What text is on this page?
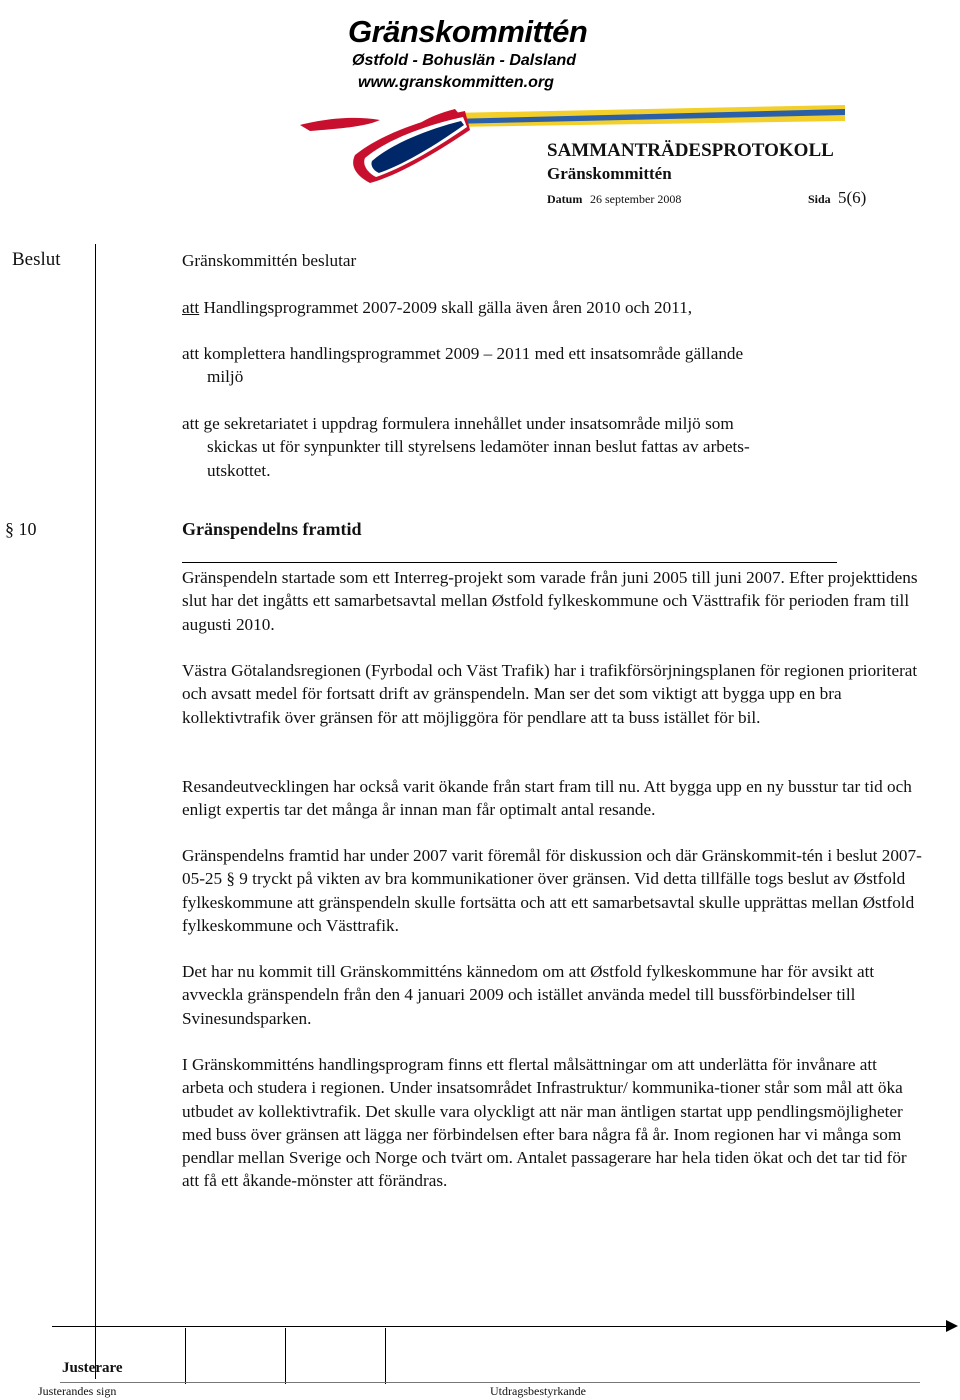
Gränskommittén
Østfold - Bohuslän - Dalsland
www.granskommitten.org
SAMMANTRÄDESPROTOKOLL
Gränskommittén
Datum 26 september 2008	Sida 5(6)
Beslut	Gränskommittén beslutar
att Handlingsprogrammet 2007-2009 skall gälla även åren 2010 och 2011,
att komplettera handlingsprogrammet 2009 – 2011 med ett insatsområde gällande
miljö
att ge sekretariatet i uppdrag formulera innehållet under insatsområde miljö som
skickas ut för synpunkter till styrelsens ledamöter innan beslut fattas av arbets-
utskottet.
§ 10	Gränspendelns framtid
Gränspendeln startade som ett Interreg-projekt som varade från juni 2005 till juni 2007. Efter projekttidens slut har det ingåtts ett samarbetsavtal mellan Østfold fylkeskommune och Västtrafik för perioden fram till augusti 2010.
Västra Götalandsregionen (Fyrbodal och Väst Trafik) har i trafikförsörjningsplanen för regionen prioriterat och avsatt medel för fortsatt drift av gränspendeln. Man ser det som viktigt att bygga upp en bra kollektivtrafik över gränsen för att möjliggöra för pendlare att ta buss istället för bil.
Resandeutvecklingen har också varit ökande från start fram till nu. Att bygga upp en ny busstur tar tid och enligt expertis tar det många år innan man får optimalt antal resande.
Gränspendelns framtid har under 2007 varit föremål för diskussion och där Gränskommit-tén i beslut 2007-05-25 § 9 tryckt på vikten av bra kommunikationer över gränsen. Vid detta tillfälle togs beslut av Østfold fylkeskommune att gränspendeln skulle fortsätta och att ett samarbetsavtal skulle upprättas mellan Østfold fylkeskommune och Västtrafik.
Det har nu kommit till Gränskommitténs kännedom om att Østfold fylkeskommune har för avsikt att avveckla gränspendeln från den 4 januari 2009 och istället använda medel till bussförbindelser till Svinesundsparken.
I Gränskommitténs handlingsprogram finns ett flertal målsättningar om att underlätta för invånare att arbeta och studera i regionen. Under insatsområdet Infrastruktur/ kommunika-tioner står som mål att öka utbudet av kollektivtrafik. Det skulle vara olyckligt att när man äntligen startat upp pendlingsmöjligheter med buss över gränsen att lägga ner förbindelsen efter bara några få år. Inom regionen har vi många som pendlar mellan Sverige och Norge och tvärt om. Antalet passagerare har hela tiden ökat och det tar tid för att få ett åkande-mönster att förändras.
Justerare
Justerandes sign	Utdragsbestyrkande
